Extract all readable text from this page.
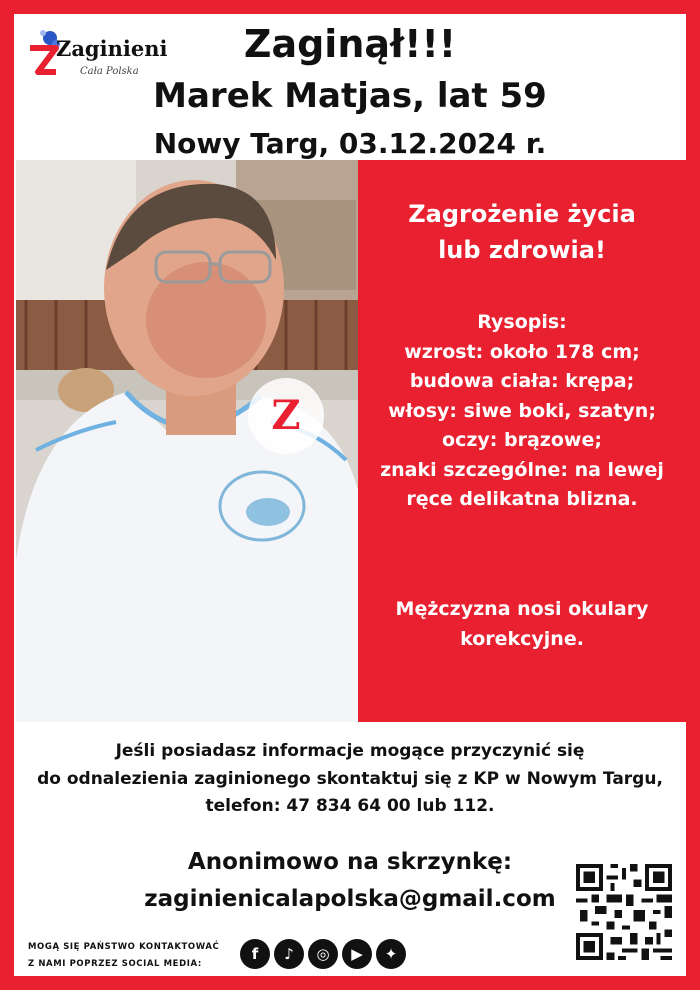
Zaginieni
Cała Polska
Zaginął!!!
Marek Matjas, lat 59
Nowy Targ, 03.12.2024 r.
Z
Zagrożenie życia
lub zdrowia!
Rysopis:
wzrost: około 178 cm;
budowa ciała: krępa;
włosy: siwe boki, szatyn;
oczy: brązowe;
znaki szczególne: na lewej
ręce delikatna blizna.
Mężczyzna nosi okulary
korekcyjne.
Jeśli posiadasz informacje mogące przyczynić się
do odnalezienia zaginionego skontaktuj się z KP w Nowym Targu,
telefon: 47 834 64 00 lub 112.
Anonimowo na skrzynkę:
zaginienicalapolska@gmail.com
MOGĄ SIĘ PAŃSTWO KONTAKTOWAĆ
Z NAMI POPRZEZ SOCIAL MEDIA:
f	♪	◎	▶	✦
